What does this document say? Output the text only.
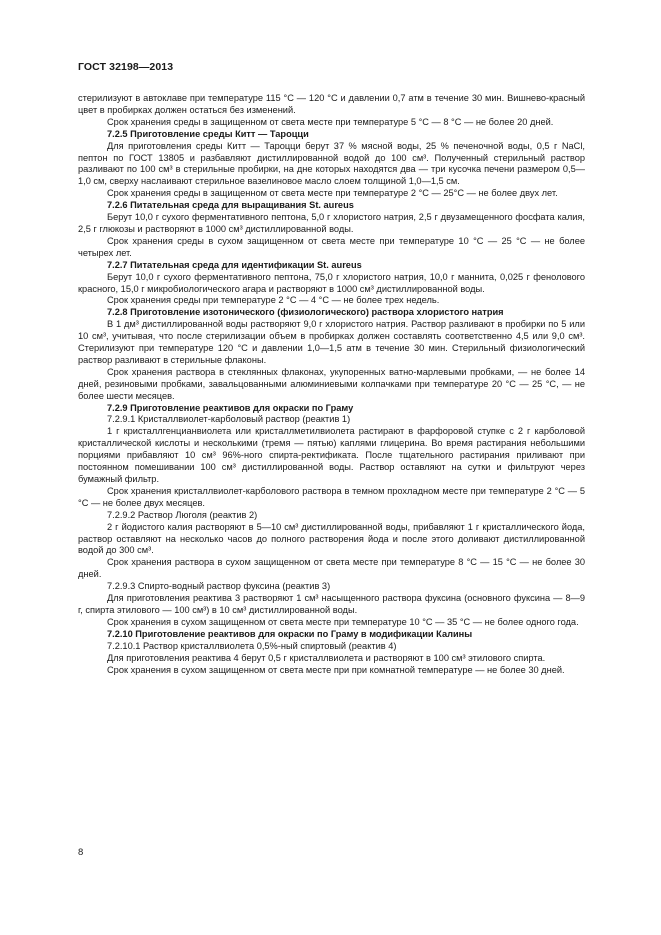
ГОСТ 32198—2013

стерилизуют в автоклаве при температуре 115 °С — 120 °С и давлении 0,7 атм в течение 30 мин. Вишнево-красный цвет в пробирках должен остаться без изменений.

Срок хранения среды в защищенном от света месте при температуре 5 °С — 8 °С — не более 20 дней.

7.2.5 Приготовление среды Китт — Тароцци

Для приготовления среды Китт — Тароцци берут 37 % мясной воды, 25 % печеночной воды, 0,5 г NaCl, пептон по ГОСТ 13805 и разбавляют дистиллированной водой до 100 см³. Полученный стерильный раствор разливают по 100 см³ в стерильные пробирки, на дне которых находятся два — три кусочка печени размером 0,5—1,0 см, сверху наслаивают стерильное вазелиновое масло слоем толщиной 1,0—1,5 см.

Срок хранения среды в защищенном от света месте при температуре 2 °С — 25°С — не более двух лет.

7.2.6 Питательная среда для выращивания St. aureus

Берут 10,0 г сухого ферментативного пептона, 5,0 г хлористого натрия, 2,5 г двузамещенного фосфата калия, 2,5 г глюкозы и растворяют в 1000 см³ дистиллированной воды.

Срок хранения среды в сухом защищенном от света месте при температуре 10 °С — 25 °С — не более четырех лет.

7.2.7 Питательная среда для идентификации St. aureus

Берут 10,0 г сухого ферментативного пептона, 75,0 г хлористого натрия, 10,0 г маннита, 0,025 г фенолового красного, 15,0 г микробиологического агара и растворяют в 1000 см³ дистиллированной воды.

Срок хранения среды при температуре 2 °С — 4 °С — не более трех недель.

7.2.8 Приготовление изотонического (физиологического) раствора хлористого натрия

В 1 дм³ дистиллированной воды растворяют 9,0 г хлористого натрия. Раствор разливают в пробирки по 5 или 10 см³, учитывая, что после стерилизации объем в пробирках должен составлять соответственно 4,5 или 9,0 см³. Стерилизуют при температуре 120 °С и давлении 1,0—1,5 атм в течение 30 мин. Стерильный физиологический раствор разливают в стерильные флаконы.

Срок хранения раствора в стеклянных флаконах, укупоренных ватно-марлевыми пробками, — не более 14 дней, резиновыми пробками, завальцованными алюминиевыми колпачками при температуре 20 °С — 25 °С, — не более шести месяцев.

7.2.9 Приготовление реактивов для окраски по Граму

7.2.9.1 Кристаллвиолет-карболовый раствор (реактив 1)

1 г кристаллгенцианвиолета или кристаллметилвиолета растирают в фарфоровой ступке с 2 г карболовой кристаллической кислоты и несколькими (тремя — пятью) каплями глицерина. Во время растирания небольшими порциями прибавляют 10 см³ 96%-ного спирта-ректификата. После тщательного растирания приливают при постоянном помешивании 100 см³ дистиллированной воды. Раствор оставляют на сутки и фильтруют через бумажный фильтр.

Срок хранения кристаллвиолет-карболового раствора в темном прохладном месте при температуре 2 °С — 5 °С — не более двух месяцев.

7.2.9.2 Раствор Люголя (реактив 2)

2 г йодистого калия растворяют в 5—10 см³ дистиллированной воды, прибавляют 1 г кристаллического йода, раствор оставляют на несколько часов до полного растворения йода и после этого доливают дистиллированной водой до 300 см³.

Срок хранения раствора в сухом защищенном от света месте при температуре 8 °С — 15 °С — не более 30 дней.

7.2.9.3 Спирто-водный раствор фуксина (реактив 3)

Для приготовления реактива 3 растворяют 1 см³ насыщенного раствора фуксина (основного фуксина — 8—9 г, спирта этилового — 100 см³) в 10 см³ дистиллированной воды.

Срок хранения в сухом защищенном от света месте при температуре 10 °С — 35 °С — не более одного года.

7.2.10 Приготовление реактивов для окраски по Граму в модификации Калины

7.2.10.1 Раствор кристаллвиолета 0,5%-ный спиртовый (реактив 4)

Для приготовления реактива 4 берут 0,5 г кристаллвиолета и растворяют в 100 см³ этилового спирта.

Срок хранения в сухом защищенном от света месте при при комнатной температуре — не более 30 дней.

8
